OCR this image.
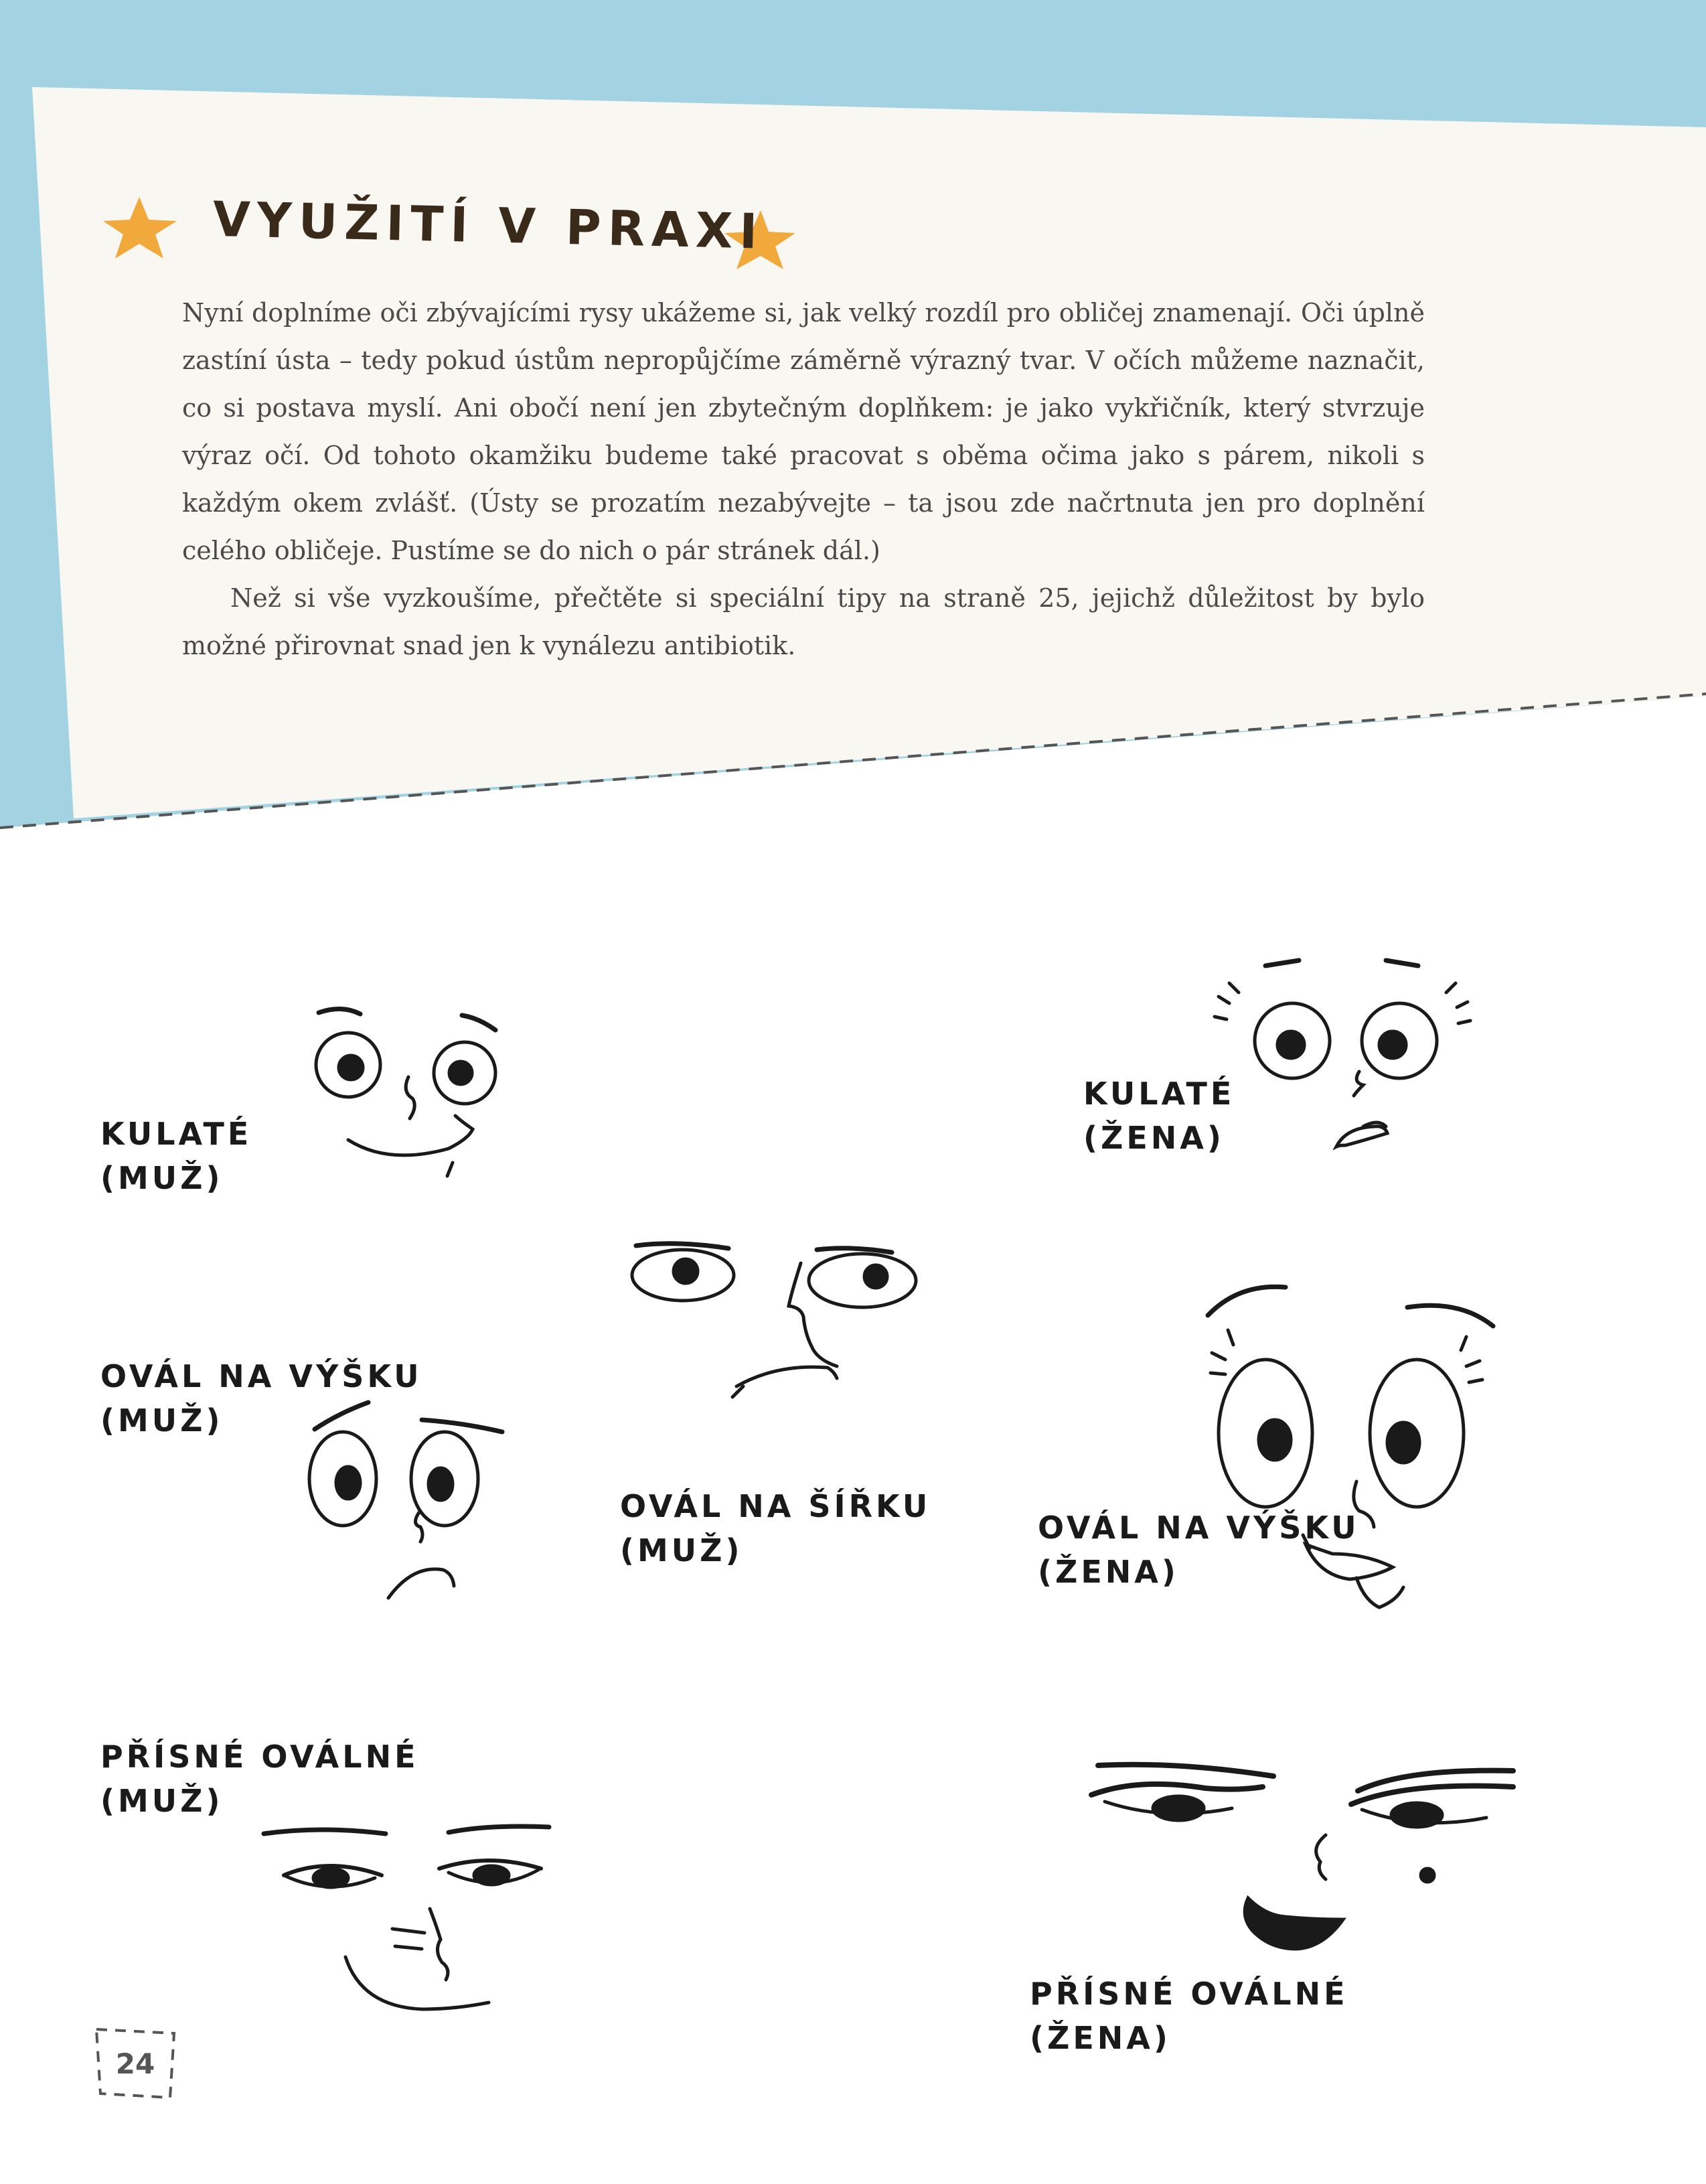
VYUŽITÍ V PRAXI

Nyní doplníme oči zbývajícími rysy ukážeme si, jak velký rozdíl pro obličej znamenají. Oči úplně zastíní ústa – tedy pokud ústům nepropůjčíme záměrně výrazný tvar. V očích můžeme naznačit, co si postava myslí. Ani obočí není jen zbytečným doplňkem: je jako vykřičník, který stvrzuje výraz očí. Od tohoto okamžiku budeme také pracovat s oběma očima jako s párem, nikoli s každým okem zvlášť. (Ústy se prozatím nezabývejte – ta jsou zde načrtnuta jen pro doplnění celého obličeje. Pustíme se do nich o pár stránek dál.)

Než si vše vyzkoušíme, přečtěte si speciální tipy na straně 25, jejichž důležitost by bylo možné přirovnat snad jen k vynálezu antibiotik.

KULATÉ
(MUŽ)
KULATÉ
(ŽENA)
OVÁL NA VÝŠKU
(MUŽ)
OVÁL NA ŠÍŘKU
(MUŽ)
OVÁL NA VÝŠKU
(ŽENA)
PŘÍSNÉ OVÁLNÉ
(MUŽ)
PŘÍSNÉ OVÁLNÉ
(ŽENA)
24
